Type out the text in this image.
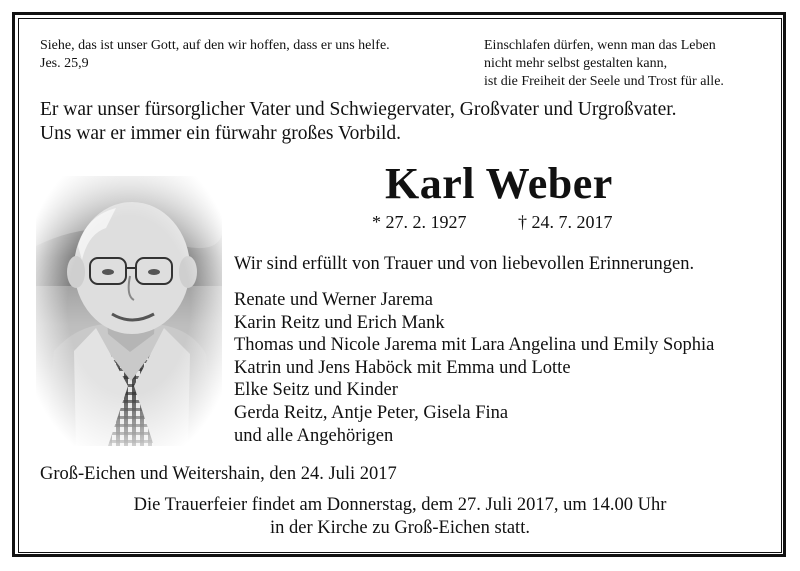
Siehe, das ist unser Gott, auf den wir hoffen, dass er uns helfe.
Jes. 25,9
Einschlafen dürfen, wenn man das Leben
nicht mehr selbst gestalten kann,
ist die Freiheit der Seele und Trost für alle.
Er war unser fürsorglicher Vater und Schwiegervater, Großvater und Urgroßvater.
Uns war er immer ein fürwahr großes Vorbild.
Karl Weber
* 27. 2. 1927	† 24. 7. 2017
Wir sind erfüllt von Trauer und von liebevollen Erinnerungen.
Renate und Werner Jarema
Karin Reitz und Erich Mank
Thomas und Nicole Jarema mit Lara Angelina und Emily Sophia
Katrin und Jens Haböck mit Emma und Lotte
Elke Seitz und Kinder
Gerda Reitz, Antje Peter, Gisela Fina
und alle Angehörigen
Groß-Eichen und Weitershain, den 24. Juli 2017
Die Trauerfeier findet am Donnerstag, dem 27. Juli 2017, um 14.00 Uhr
in der Kirche zu Groß-Eichen statt.
